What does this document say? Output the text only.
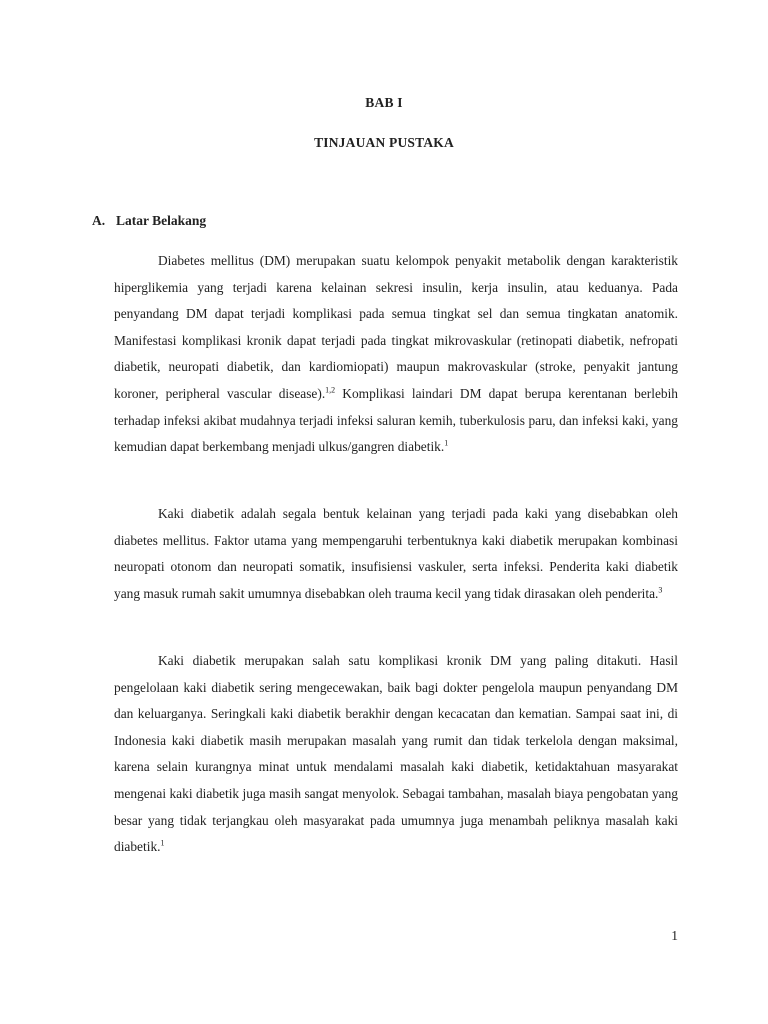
BAB I
TINJAUAN PUSTAKA
A. Latar Belakang

Diabetes mellitus (DM) merupakan suatu kelompok penyakit metabolik dengan karakteristik hiperglikemia yang terjadi karena kelainan sekresi insulin, kerja insulin, atau keduanya. Pada penyandang DM dapat terjadi komplikasi pada semua tingkat sel dan semua tingkatan anatomik. Manifestasi komplikasi kronik dapat terjadi pada tingkat mikrovaskular (retinopati diabetik, nefropati diabetik, neuropati diabetik, dan kardiomiopati) maupun makrovaskular (stroke, penyakit jantung koroner, peripheral vascular disease).$^{1,2}$ Komplikasi laindari DM dapat berupa kerentanan berlebih terhadap infeksi akibat mudahnya terjadi infeksi saluran kemih, tuberkulosis paru, dan infeksi kaki, yang kemudian dapat berkembang menjadi ulkus/gangren diabetik.$^1$

Kaki diabetik adalah segala bentuk kelainan yang terjadi pada kaki yang disebabkan oleh diabetes mellitus. Faktor utama yang mempengaruhi terbentuknya kaki diabetik merupakan kombinasi neuropati otonom dan neuropati somatik, insufisiensi vaskuler, serta infeksi. Penderita kaki diabetik yang masuk rumah sakit umumnya disebabkan oleh trauma kecil yang tidak dirasakan oleh penderita.$^3$

Kaki diabetik merupakan salah satu komplikasi kronik DM yang paling ditakuti. Hasil pengelolaan kaki diabetik sering mengecewakan, baik bagi dokter pengelola maupun penyandang DM dan keluarganya. Seringkali kaki diabetik berakhir dengan kecacatan dan kematian. Sampai saat ini, di Indonesia kaki diabetik masih merupakan masalah yang rumit dan tidak terkelola dengan maksimal, karena selain kurangnya minat untuk mendalami masalah kaki diabetik, ketidaktahuan masyarakat mengenai kaki diabetik juga masih sangat menyolok. Sebagai tambahan, masalah biaya pengobatan yang besar yang tidak terjangkau oleh masyarakat pada umumnya juga menambah peliknya masalah kaki diabetik.$^1$

1
